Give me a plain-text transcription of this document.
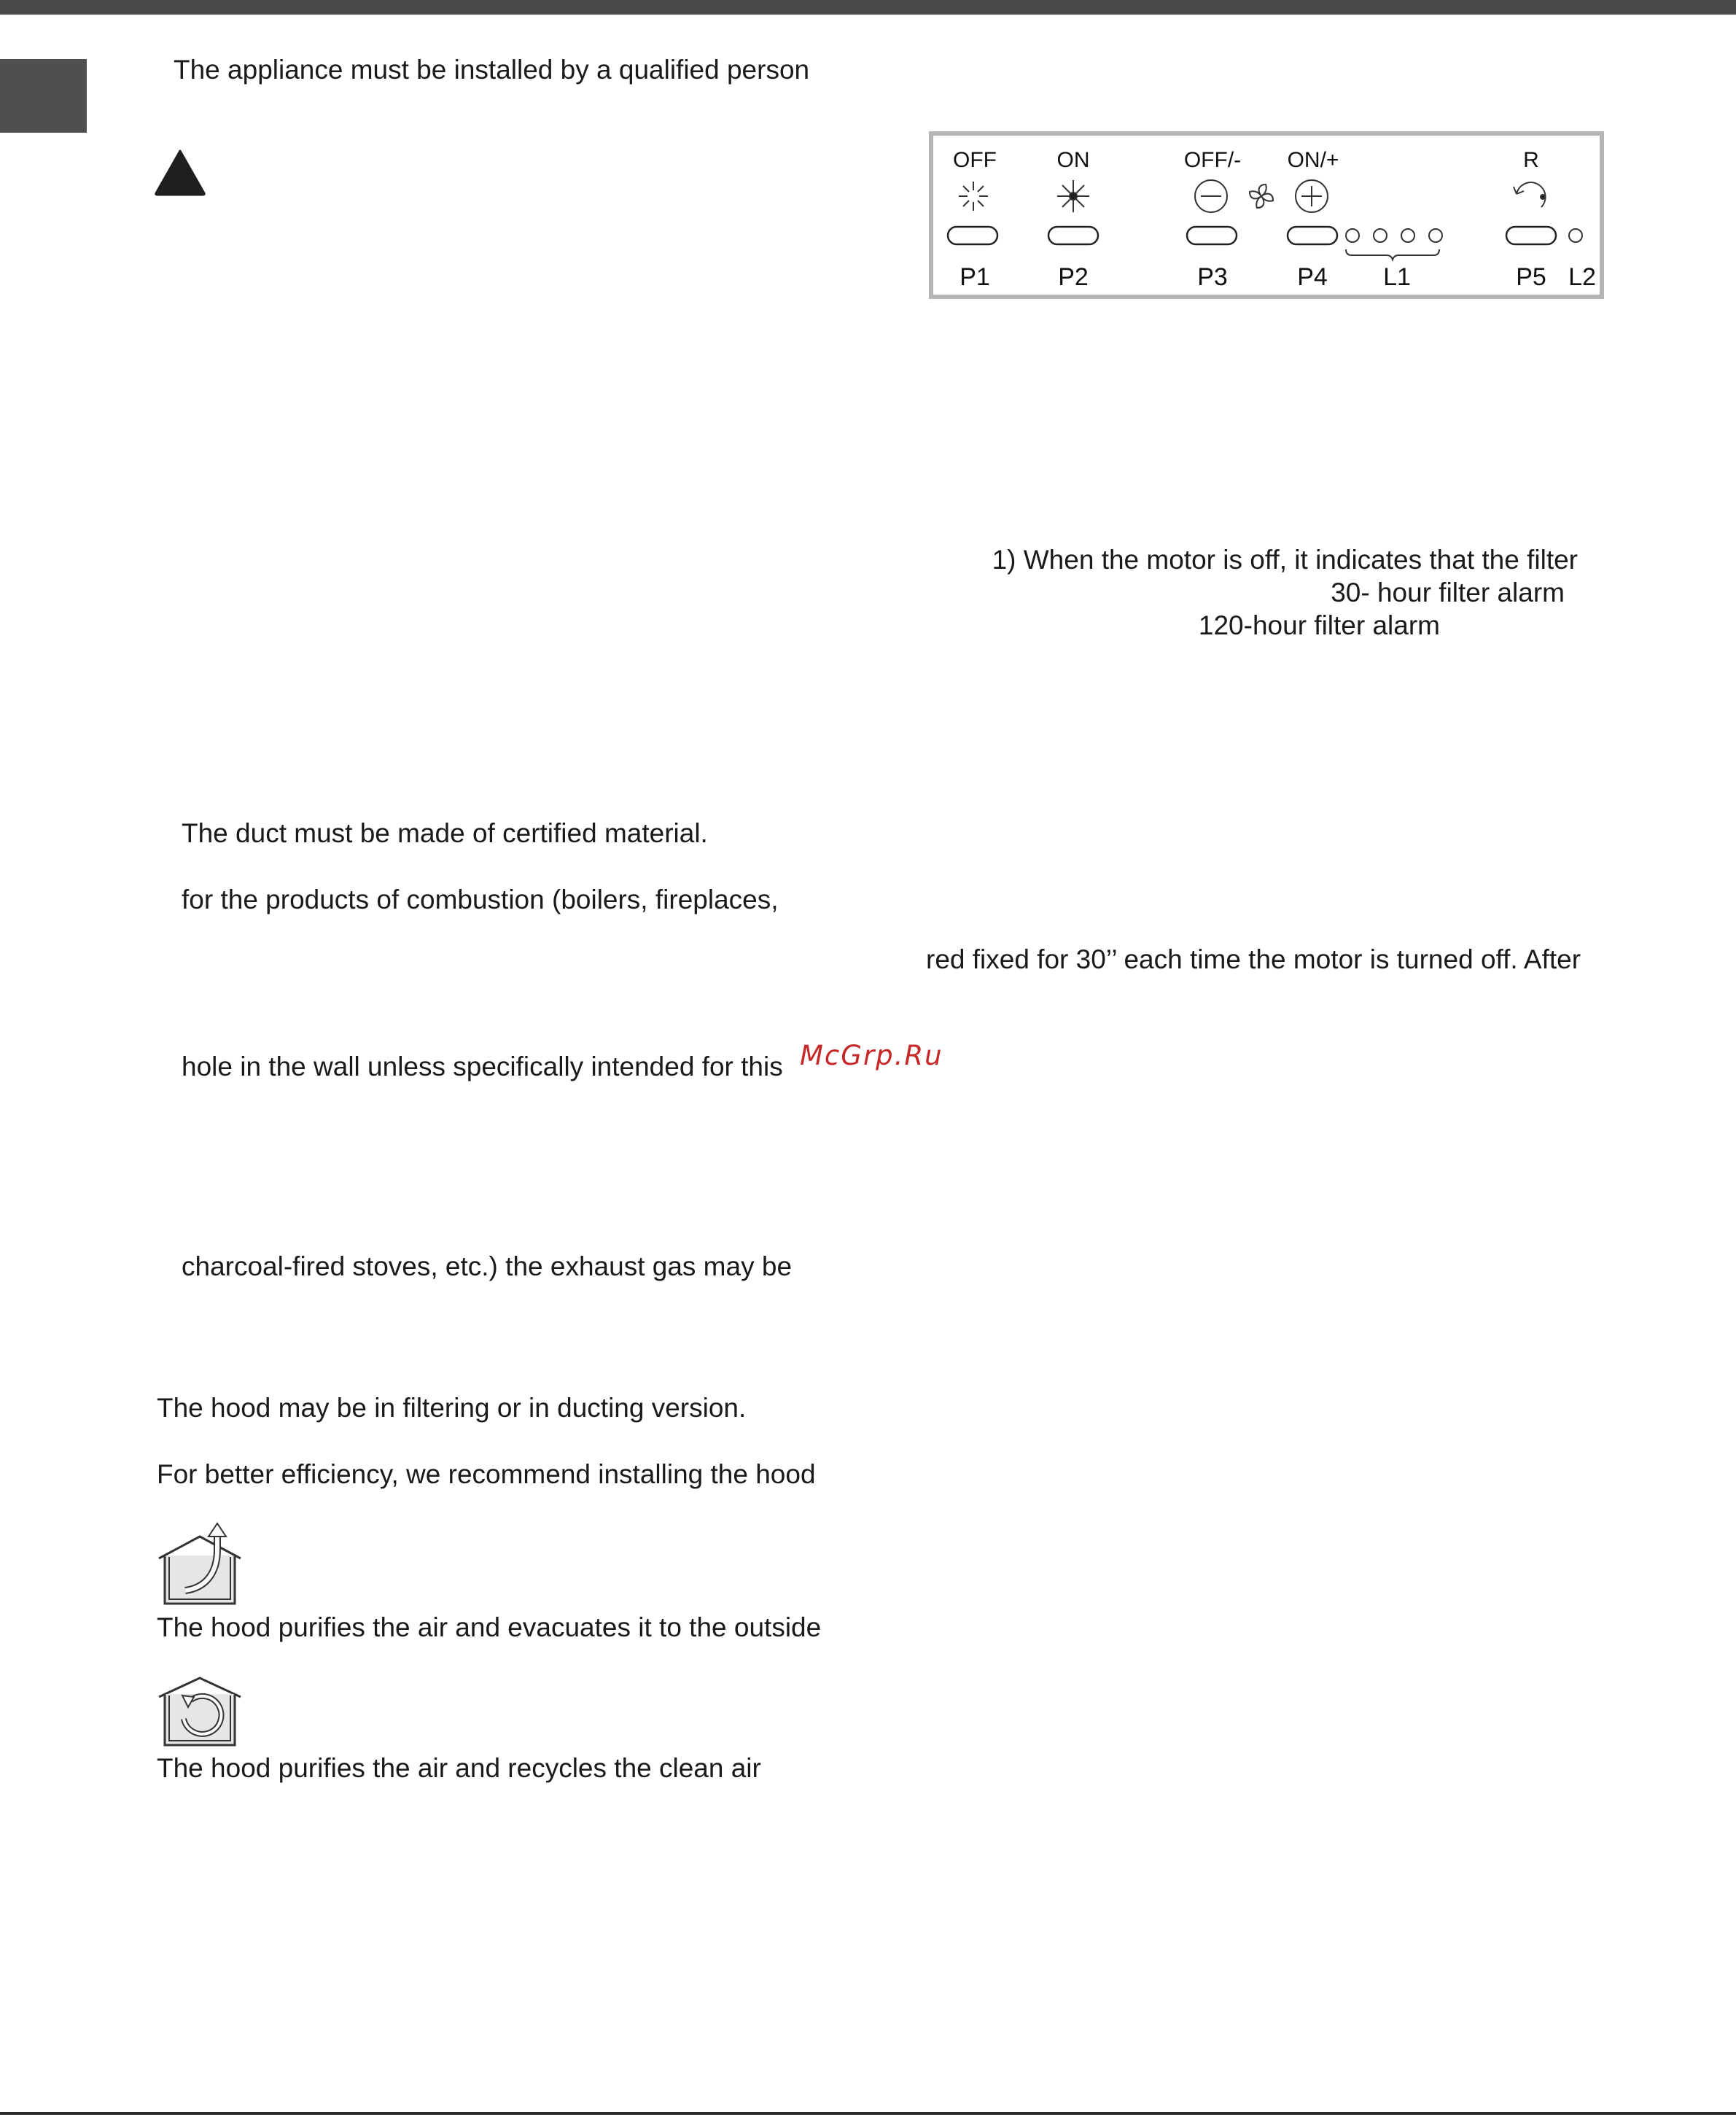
The appliance must be installed by a qualified person
OFF	ON	OFF/- ON/+	R
P1	P2	P3	P4 L1	P5 L2
1) When the motor is off, it indicates that the filter
30- hour filter alarm
120-hour filter alarm
The duct must be made of certified material.
for the products of combustion (boilers, fireplaces,
red fixed for 30’’ each time the motor is turned off. After
hole in the wall unless specifically intended for this McGrp.Ru
charcoal-fired stoves, etc.) the exhaust gas may be
The hood may be in filtering or in ducting version.
For better efficiency, we recommend installing the hood
The hood purifies the air and evacuates it to the outside
The hood purifies the air and recycles the clean air
